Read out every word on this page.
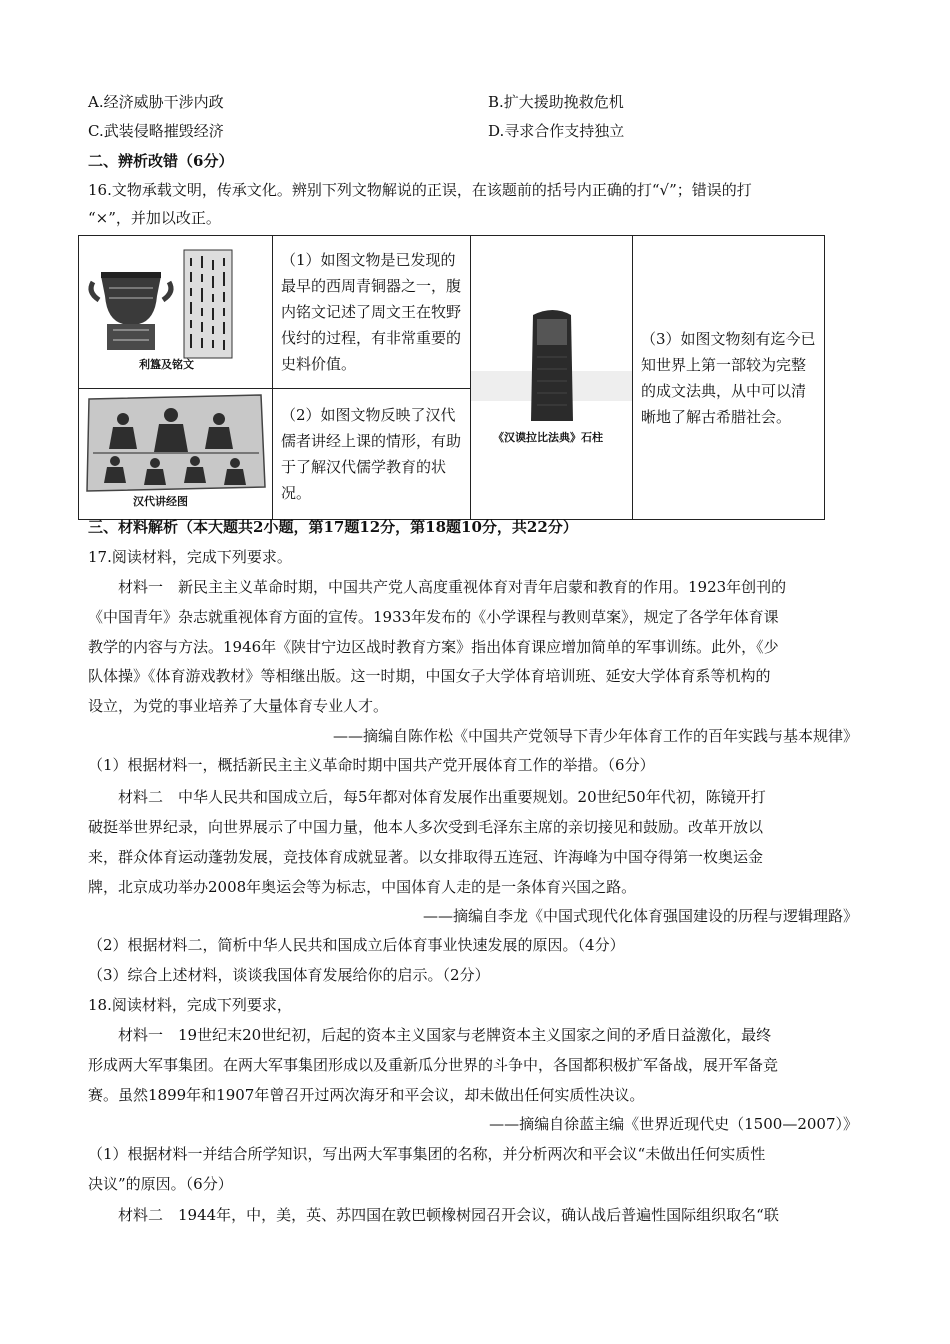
A.经济威胁干涉内政	B.扩大援助挽救危机
C.武装侵略摧毁经济	D.寻求合作支持独立
二、辨析改错（6分）
16.文物承载文明，传承文化。辨别下列文物解说的正误，在该题前的括号内正确的打“√”；错误的打
“×”，并加以改正。
利簋及铭文	（1）如图文物是已发现的最早的西周青铜器之一，腹内铭文记述了周文王在牧野伐纣的过程，有非常重要的史料价值。	《汉谟拉比法典》石柱	（3）如图文物刻有迄今已知世界上第一部较为完整的成文法典，从中可以清晰地了解古希腊社会。

汉代讲经图	（2）如图文物反映了汉代儒者讲经上课的情形，有助于了解汉代儒学教育的状况。		
三、材料解析（本大题共2小题，第17题12分，第18题10分，共22分）
17.阅读材料，完成下列要求。
材料一　新民主主义革命时期，中国共产党人高度重视体育对青年启蒙和教育的作用。1923年创刊的
《中国青年》杂志就重视体育方面的宣传。1933年发布的《小学课程与教则草案》，规定了各学年体育课
教学的内容与方法。1946年《陕甘宁边区战时教育方案》指出体育课应增加简单的军事训练。此外，《少
队体操》《体育游戏教材》等相继出版。这一时期，中国女子大学体育培训班、延安大学体育系等机构的
设立，为党的事业培养了大量体育专业人才。
——摘编自陈作松《中国共产党领导下青少年体育工作的百年实践与基本规律》
（1）根据材料一，概括新民主主义革命时期中国共产党开展体育工作的举措。（6分）
材料二　中华人民共和国成立后，每5年都对体育发展作出重要规划。20世纪50年代初，陈镜开打
破挺举世界纪录，向世界展示了中国力量，他本人多次受到毛泽东主席的亲切接见和鼓励。改革开放以
来，群众体育运动蓬勃发展，竞技体育成就显著。以女排取得五连冠、许海峰为中国夺得第一枚奥运金
牌，北京成功举办2008年奥运会等为标志，中国体育人走的是一条体育兴国之路。
——摘编自李龙《中国式现代化体育强国建设的历程与逻辑理路》
（2）根据材料二，简析中华人民共和国成立后体育事业快速发展的原因。（4分）
（3）综合上述材料，谈谈我国体育发展给你的启示。（2分）
18.阅读材料，完成下列要求，
材料一　19世纪末20世纪初，后起的资本主义国家与老牌资本主义国家之间的矛盾日益激化，最终
形成两大军事集团。在两大军事集团形成以及重新瓜分世界的斗争中，各国都积极扩军备战，展开军备竞
赛。虽然1899年和1907年曾召开过两次海牙和平会议，却未做出任何实质性决议。
——摘编自徐蓝主编《世界近现代史（1500—2007）》
（1）根据材料一并结合所学知识，写出两大军事集团的名称，并分析两次和平会议“未做出任何实质性
决议”的原因。（6分）
材料二　1944年，中，美，英、苏四国在敦巴顿橡树园召开会议，确认战后普遍性国际组织取名“联
